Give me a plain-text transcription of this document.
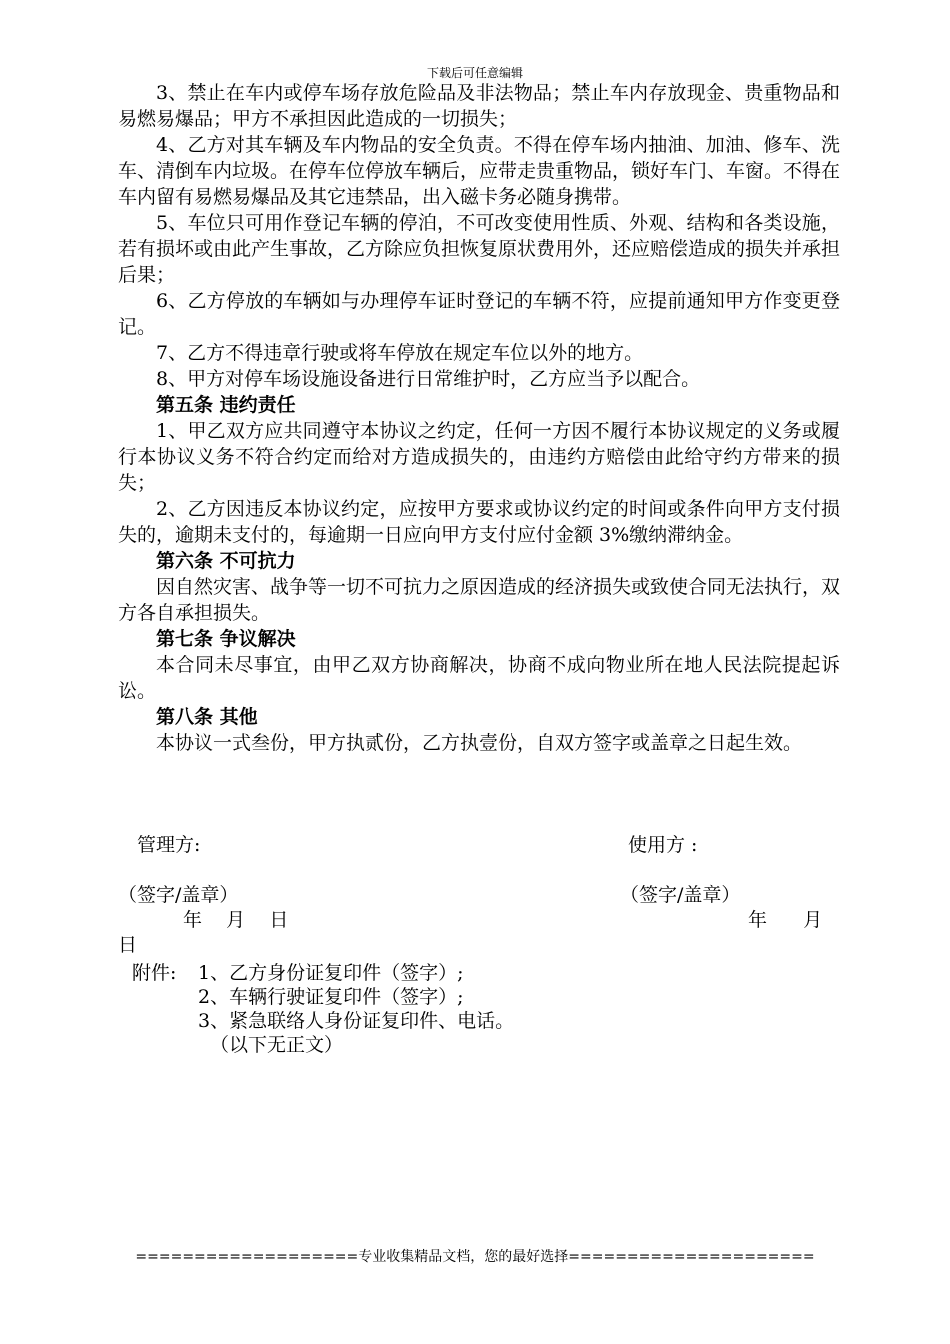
下载后可任意编辑

3、禁止在车内或停车场存放危险品及非法物品；禁止车内存放现金、贵重物品和易燃易爆品；甲方不承担因此造成的一切损失；

4、乙方对其车辆及车内物品的安全负责。不得在停车场内抽油、加油、修车、洗车、清倒车内垃圾。在停车位停放车辆后，应带走贵重物品，锁好车门、车窗。不得在车内留有易燃易爆品及其它违禁品，出入磁卡务必随身携带。

5、车位只可用作登记车辆的停泊，不可改变使用性质、外观、结构和各类设施，若有损坏或由此产生事故，乙方除应负担恢复原状费用外，还应赔偿造成的损失并承担后果；

6、乙方停放的车辆如与办理停车证时登记的车辆不符，应提前通知甲方作变更登记。

7、乙方不得违章行驶或将车停放在规定车位以外的地方。

8、甲方对停车场设施设备进行日常维护时，乙方应当予以配合。

第五条 违约责任

1、甲乙双方应共同遵守本协议之约定，任何一方因不履行本协议规定的义务或履行本协议义务不符合约定而给对方造成损失的，由违约方赔偿由此给守约方带来的损失；

2、乙方因违反本协议约定，应按甲方要求或协议约定的时间或条件向甲方支付损失的，逾期未支付的，每逾期一日应向甲方支付应付金额 3%缴纳滞纳金。

第六条 不可抗力

因自然灾害、战争等一切不可抗力之原因造成的经济损失或致使合同无法执行，双方各自承担损失。

第七条 争议解决

本合同未尽事宜，由甲乙双方协商解决，协商不成向物业所在地人民法院提起诉讼。

第八条 其他

本协议一式叁份，甲方执贰份，乙方执壹份，自双方签字或盖章之日起生效。

管理方:	使用方 :
（签字/盖章）	（签字/盖章）
年    月    日	年      月
日
附件: 1、乙方身份证复印件（签字）;
2、车辆行驶证复印件（签字）;
3、紧急联络人身份证复印件、电话。
（以下无正文）
===================专业收集精品文档，您的最好选择=====================
